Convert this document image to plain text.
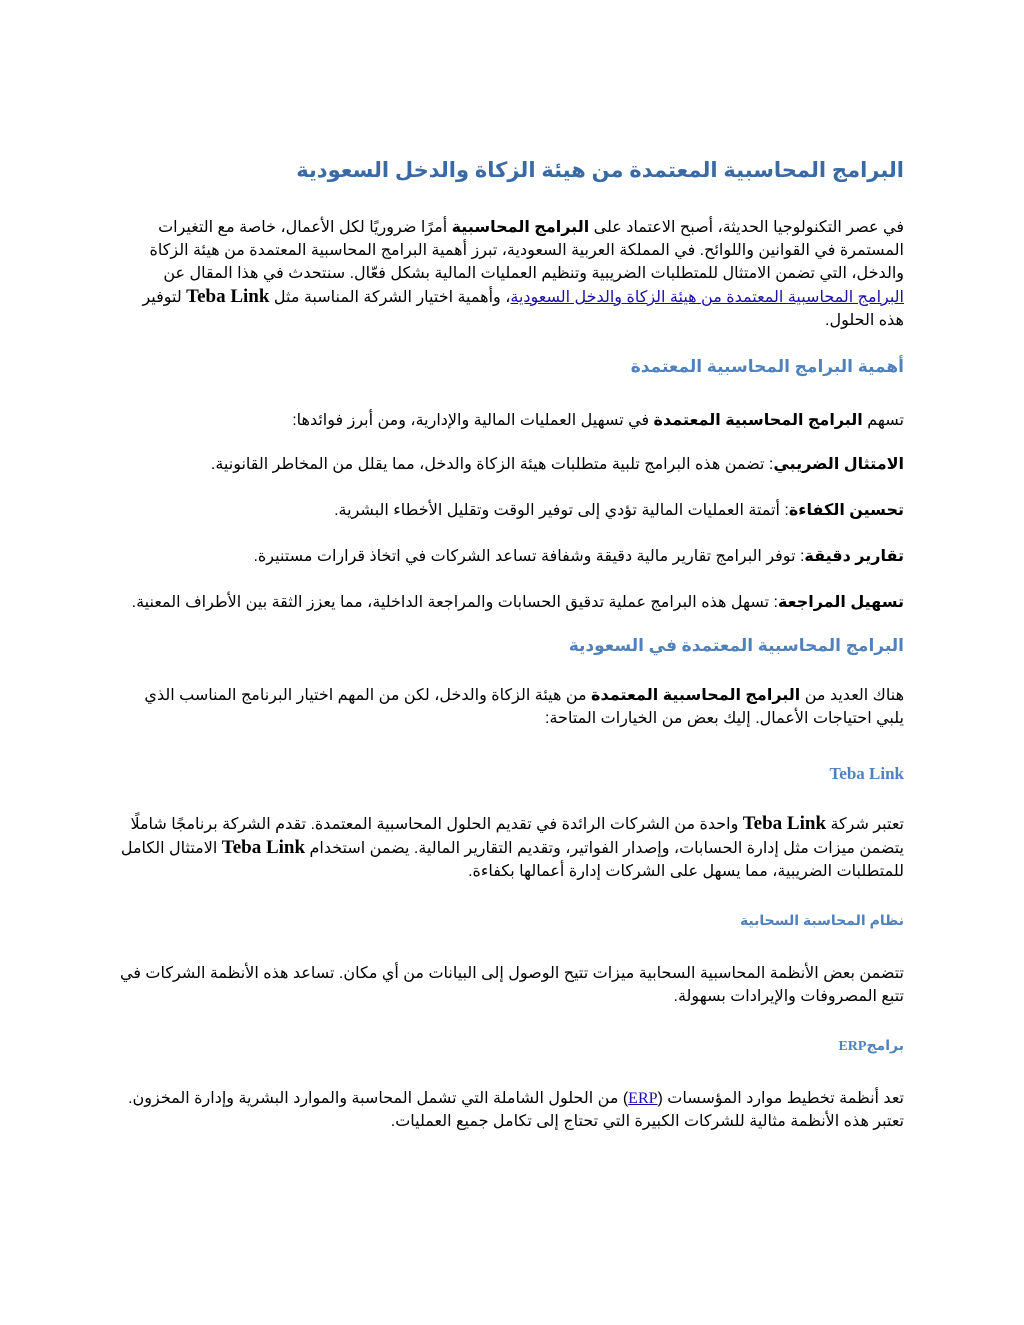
البرامج المحاسبية المعتمدة من هيئة الزكاة والدخل السعودية

في عصر التكنولوجيا الحديثة، أصبح الاعتماد على البرامج المحاسبية أمرًا ضروريًا لكل الأعمال، خاصة مع التغيرات المستمرة في القوانين واللوائح. في المملكة العربية السعودية، تبرز أهمية البرامج المحاسبية المعتمدة من هيئة الزكاة والدخل، التي تضمن الامتثال للمتطلبات الضريبية وتنظيم العمليات المالية بشكل فعّال. سنتحدث في هذا المقال عن البرامج المحاسبية المعتمدة من هيئة الزكاة والدخل السعودية، وأهمية اختيار الشركة المناسبة مثل Teba Link لتوفير هذه الحلول.

أهمية البرامج المحاسبية المعتمدة

تسهم البرامج المحاسبية المعتمدة في تسهيل العمليات المالية والإدارية، ومن أبرز فوائدها:

الامتثال الضريبي: تضمن هذه البرامج تلبية متطلبات هيئة الزكاة والدخل، مما يقلل من المخاطر القانونية.

تحسين الكفاءة: أتمتة العمليات المالية تؤدي إلى توفير الوقت وتقليل الأخطاء البشرية.

تقارير دقيقة: توفر البرامج تقارير مالية دقيقة وشفافة تساعد الشركات في اتخاذ قرارات مستنيرة.

تسهيل المراجعة: تسهل هذه البرامج عملية تدقيق الحسابات والمراجعة الداخلية، مما يعزز الثقة بين الأطراف المعنية.

البرامج المحاسبية المعتمدة في السعودية

هناك العديد من البرامج المحاسبية المعتمدة من هيئة الزكاة والدخل، لكن من المهم اختيار البرنامج المناسب الذي يلبي احتياجات الأعمال. إليك بعض من الخيارات المتاحة:

Teba Link

تعتبر شركة Teba Link واحدة من الشركات الرائدة في تقديم الحلول المحاسبية المعتمدة. تقدم الشركة برنامجًا شاملًا يتضمن ميزات مثل إدارة الحسابات، وإصدار الفواتير، وتقديم التقارير المالية. يضمن استخدام Teba Link الامتثال الكامل للمتطلبات الضريبية، مما يسهل على الشركات إدارة أعمالها بكفاءة.

نظام المحاسبة السحابية

تتضمن بعض الأنظمة المحاسبية السحابية ميزات تتيح الوصول إلى البيانات من أي مكان. تساعد هذه الأنظمة الشركات في تتبع المصروفات والإيرادات بسهولة.

برامجERP

تعد أنظمة تخطيط موارد المؤسسات (ERP) من الحلول الشاملة التي تشمل المحاسبة والموارد البشرية وإدارة المخزون. تعتبر هذه الأنظمة مثالية للشركات الكبيرة التي تحتاج إلى تكامل جميع العمليات.
